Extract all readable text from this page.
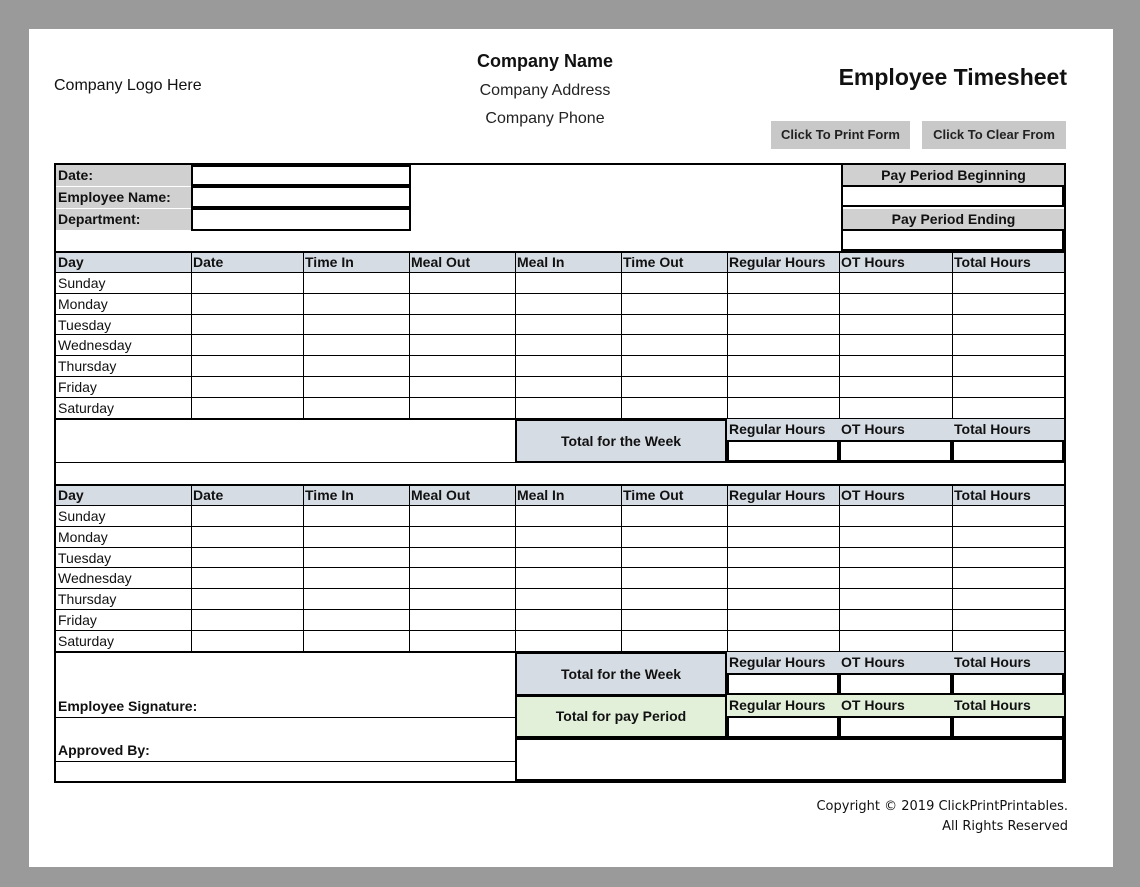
Company Logo Here
Company Name
Company Address
Company Phone
Employee Timesheet
Click To Print Form	Click To Clear From
Date:
Employee Name:
Department:
Pay Period Beginning
Pay Period Ending
Employee Signature:
Approved By:
Day	Date	Time In	Meal Out	Meal In	Time Out	Regular Hours	OT Hours	Total Hours
Sunday
Monday
Tuesday
Wednesday
Thursday
Friday
Saturday
Total for the Week
Regular Hours	OT Hours	Total Hours
Day	Date	Time In	Meal Out	Meal In	Time Out	Regular Hours	OT Hours	Total Hours
Sunday
Monday
Tuesday
Wednesday
Thursday
Friday
Saturday
Total for the Week
Regular Hours	OT Hours	Total Hours
Total for pay Period
Regular Hours	OT Hours	Total Hours
Copyright © 2019 ClickPrintPrintables.
All Rights Reserved
